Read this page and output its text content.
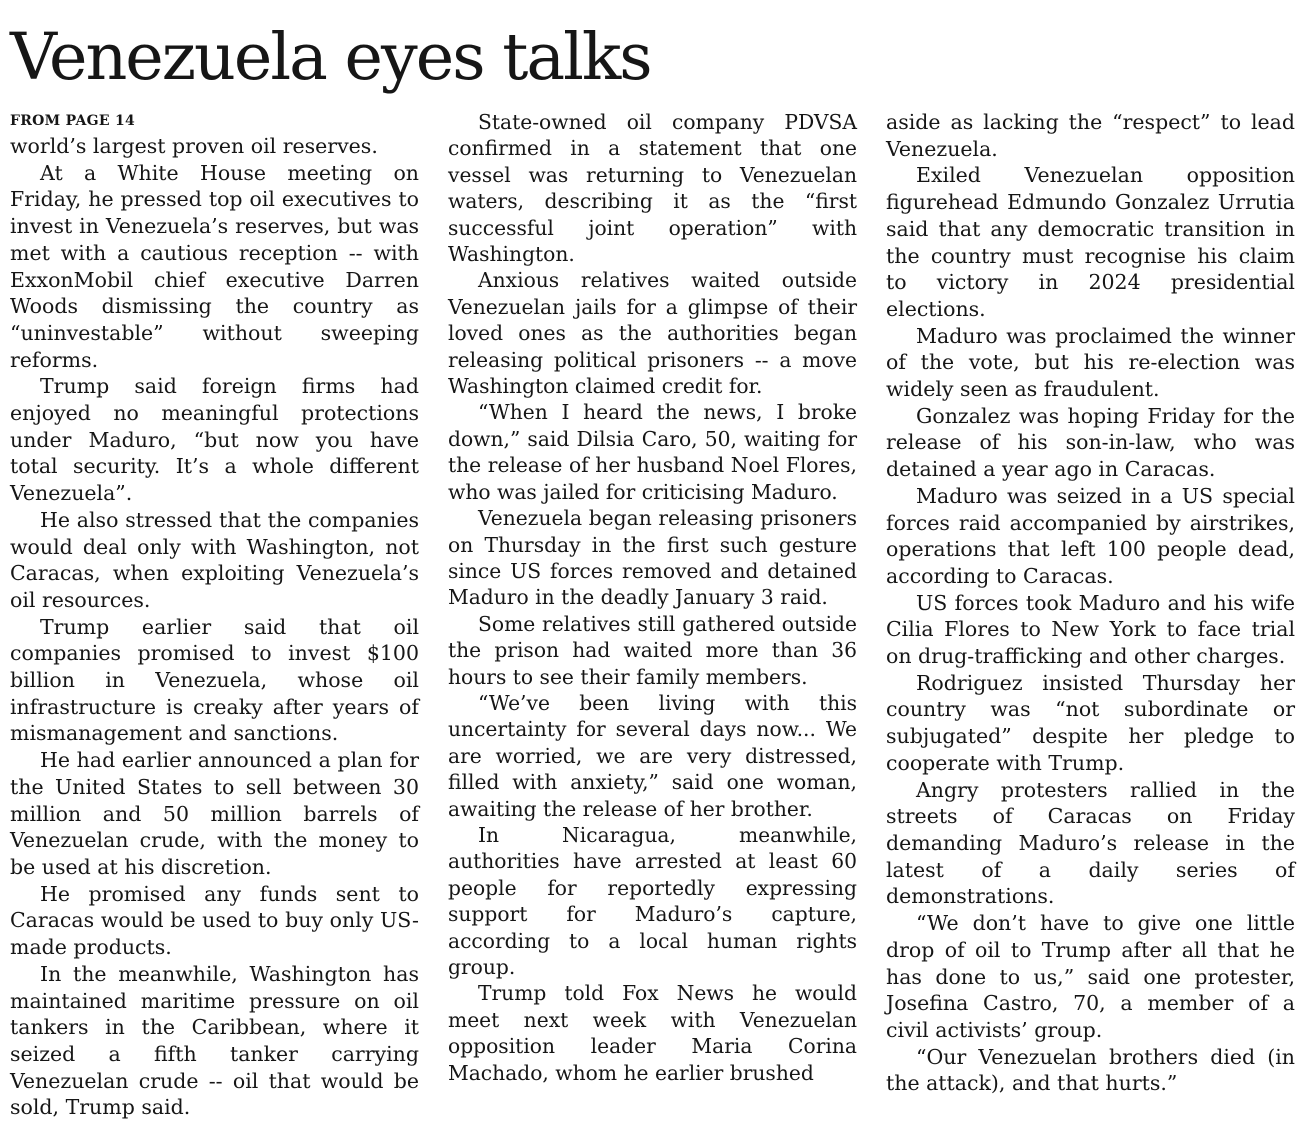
Venezuela eyes talks
FROM PAGE 14

world’s largest proven oil reserves.

At a White House meeting on Friday, he pressed top oil executives to invest in Venezuela’s reserves, but was met with a cautious reception -- with ExxonMobil chief executive Darren Woods dismissing the country as “uninvestable” without sweeping reforms.

Trump said foreign firms had enjoyed no meaningful protections under Maduro, “but now you have total security. It’s a whole different Venezuela”.

He also stressed that the companies would deal only with Washington, not Caracas, when exploiting Venezuela’s oil resources.

Trump earlier said that oil companies promised to invest $100 billion in Venezuela, whose oil infrastructure is creaky after years of mismanagement and sanctions.

He had earlier announced a plan for the United States to sell between 30 million and 50 million barrels of Venezuelan crude, with the money to be used at his discretion.

He promised any funds sent to Caracas would be used to buy only US-made products.

In the meanwhile, Washington has maintained maritime pressure on oil tankers in the Caribbean, where it seized a fifth tanker carrying Venezuelan crude -- oil that would be sold, Trump said.

State-owned oil company PDVSA confirmed in a statement that one vessel was returning to Venezuelan waters, describing it as the “first successful joint operation” with Washington.

Anxious relatives waited outside Venezuelan jails for a glimpse of their loved ones as the authorities began releasing political prisoners -- a move Washington claimed credit for.

“When I heard the news, I broke down,” said Dilsia Caro, 50, waiting for the release of her husband Noel Flores, who was jailed for criticising Maduro.

Venezuela began releasing prisoners on Thursday in the first such gesture since US forces removed and detained Maduro in the deadly January 3 raid.

Some relatives still gathered outside the prison had waited more than 36 hours to see their family members.

“We’ve been living with this uncertainty for several days now... We are worried, we are very distressed, filled with anxiety,” said one woman, awaiting the release of her brother.

In Nicaragua, meanwhile, authorities have arrested at least 60 people for reportedly expressing support for Maduro’s capture, according to a local human rights group.

Trump told Fox News he would meet next week with Venezuelan opposition leader Maria Corina Machado, whom he earlier brushed

aside as lacking the “respect” to lead Venezuela.

Exiled Venezuelan opposition figurehead Edmundo Gonzalez Urrutia said that any democratic transition in the country must recognise his claim to victory in 2024 presidential elections.

Maduro was proclaimed the winner of the vote, but his re-election was widely seen as fraudulent.

Gonzalez was hoping Friday for the release of his son-in-law, who was detained a year ago in Caracas.

Maduro was seized in a US special forces raid accompanied by airstrikes, operations that left 100 people dead, according to Caracas.

US forces took Maduro and his wife Cilia Flores to New York to face trial on drug-trafficking and other charges.

Rodriguez insisted Thursday her country was “not subordinate or subjugated” despite her pledge to cooperate with Trump.

Angry protesters rallied in the streets of Caracas on Friday demanding Maduro’s release in the latest of a daily series of demonstrations.

“We don’t have to give one little drop of oil to Trump after all that he has done to us,” said one protester, Josefina Castro, 70, a member of a civil activists’ group.

“Our Venezuelan brothers died (in the attack), and that hurts.”
